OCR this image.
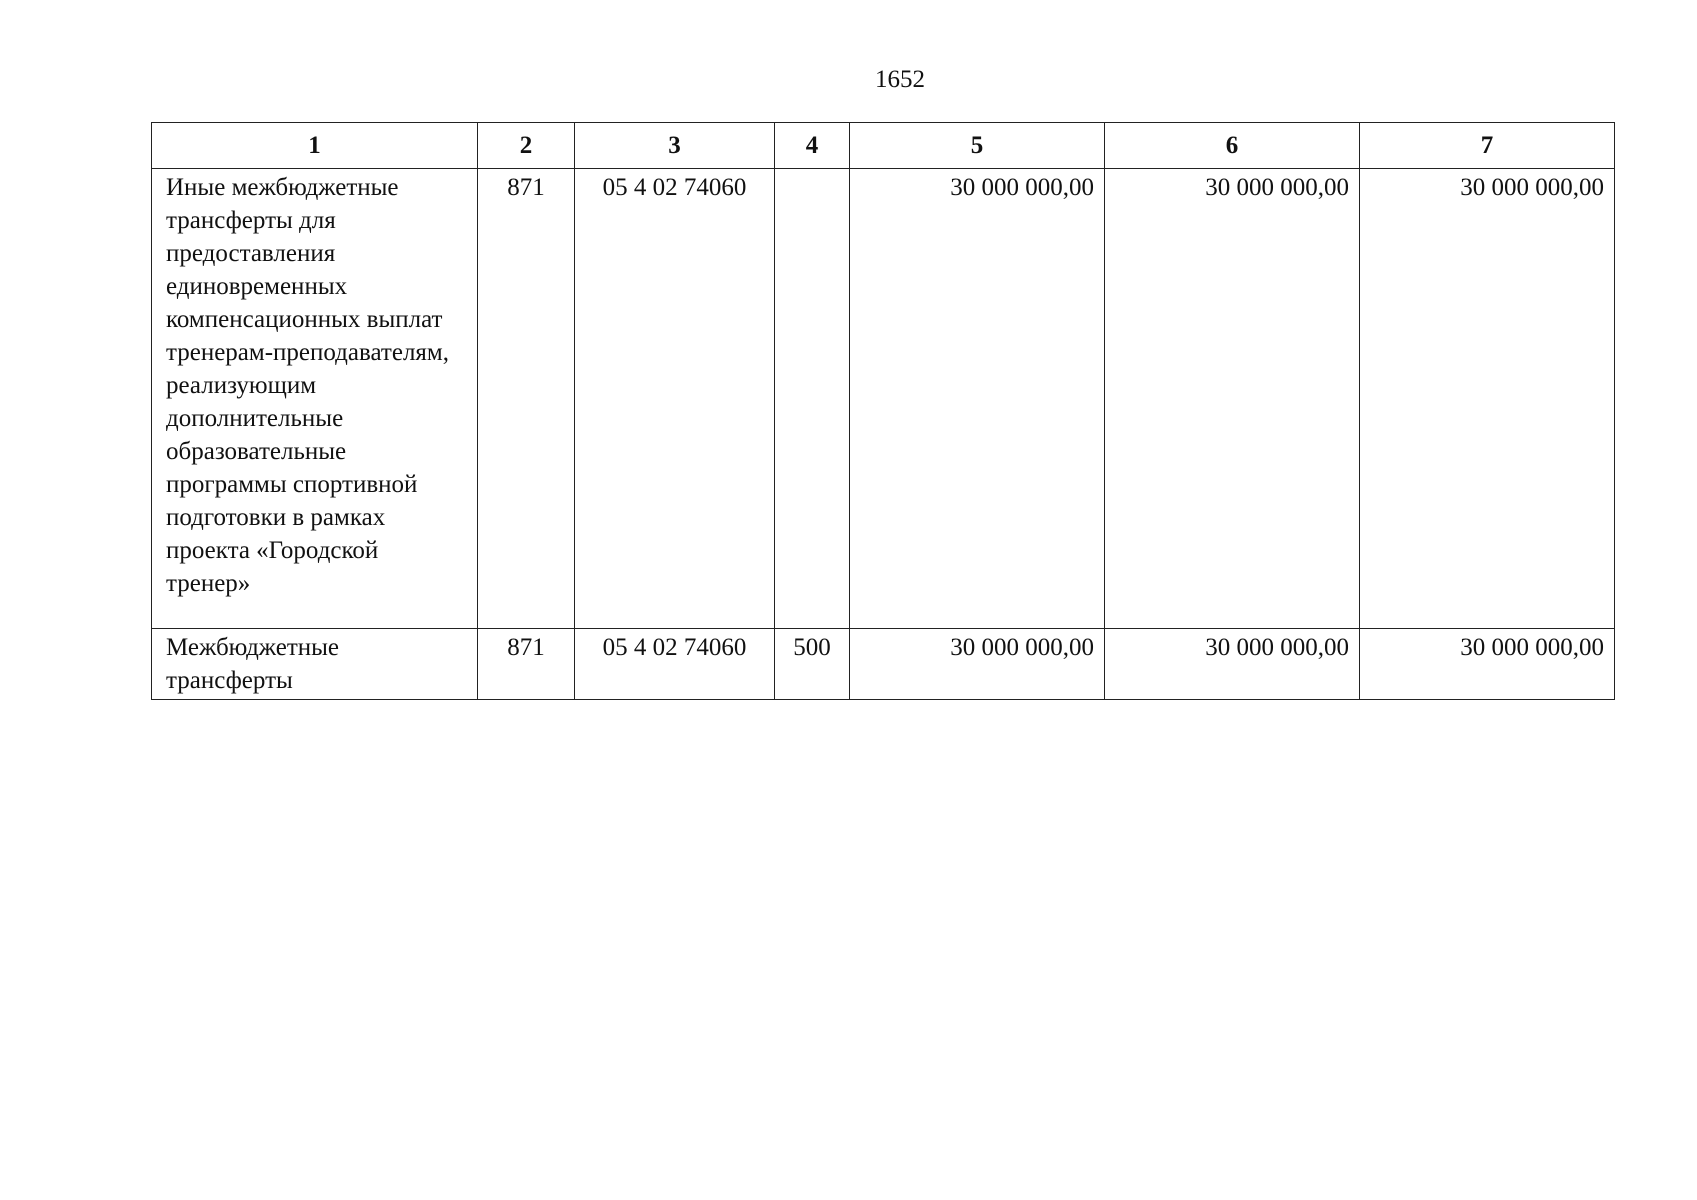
1652
1	2	3	4	5	6	7
Иные межбюджетные трансферты для предоставления единовременных компенсационных выплат тренерам-преподавателям, реализующим дополнительные образовательные программы спортивной подготовки в рамках проекта «Городской тренер»	871	05 4 02 74060		30 000 000,00	30 000 000,00	30 000 000,00
Межбюджетные трансферты	871	05 4 02 74060	500	30 000 000,00	30 000 000,00	30 000 000,00
